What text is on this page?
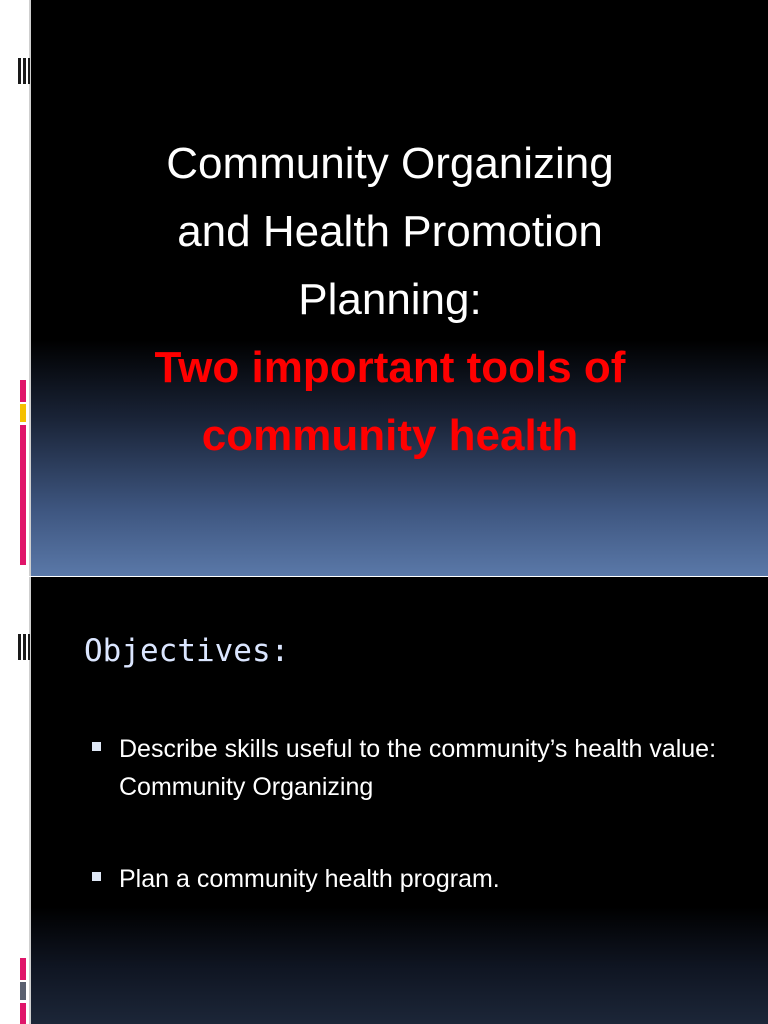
Community Organizing
and Health Promotion
Planning:
Two important tools of
community health
Objectives:
Describe skills useful to the community’s health value: Community Organizing
Plan a community health program.
